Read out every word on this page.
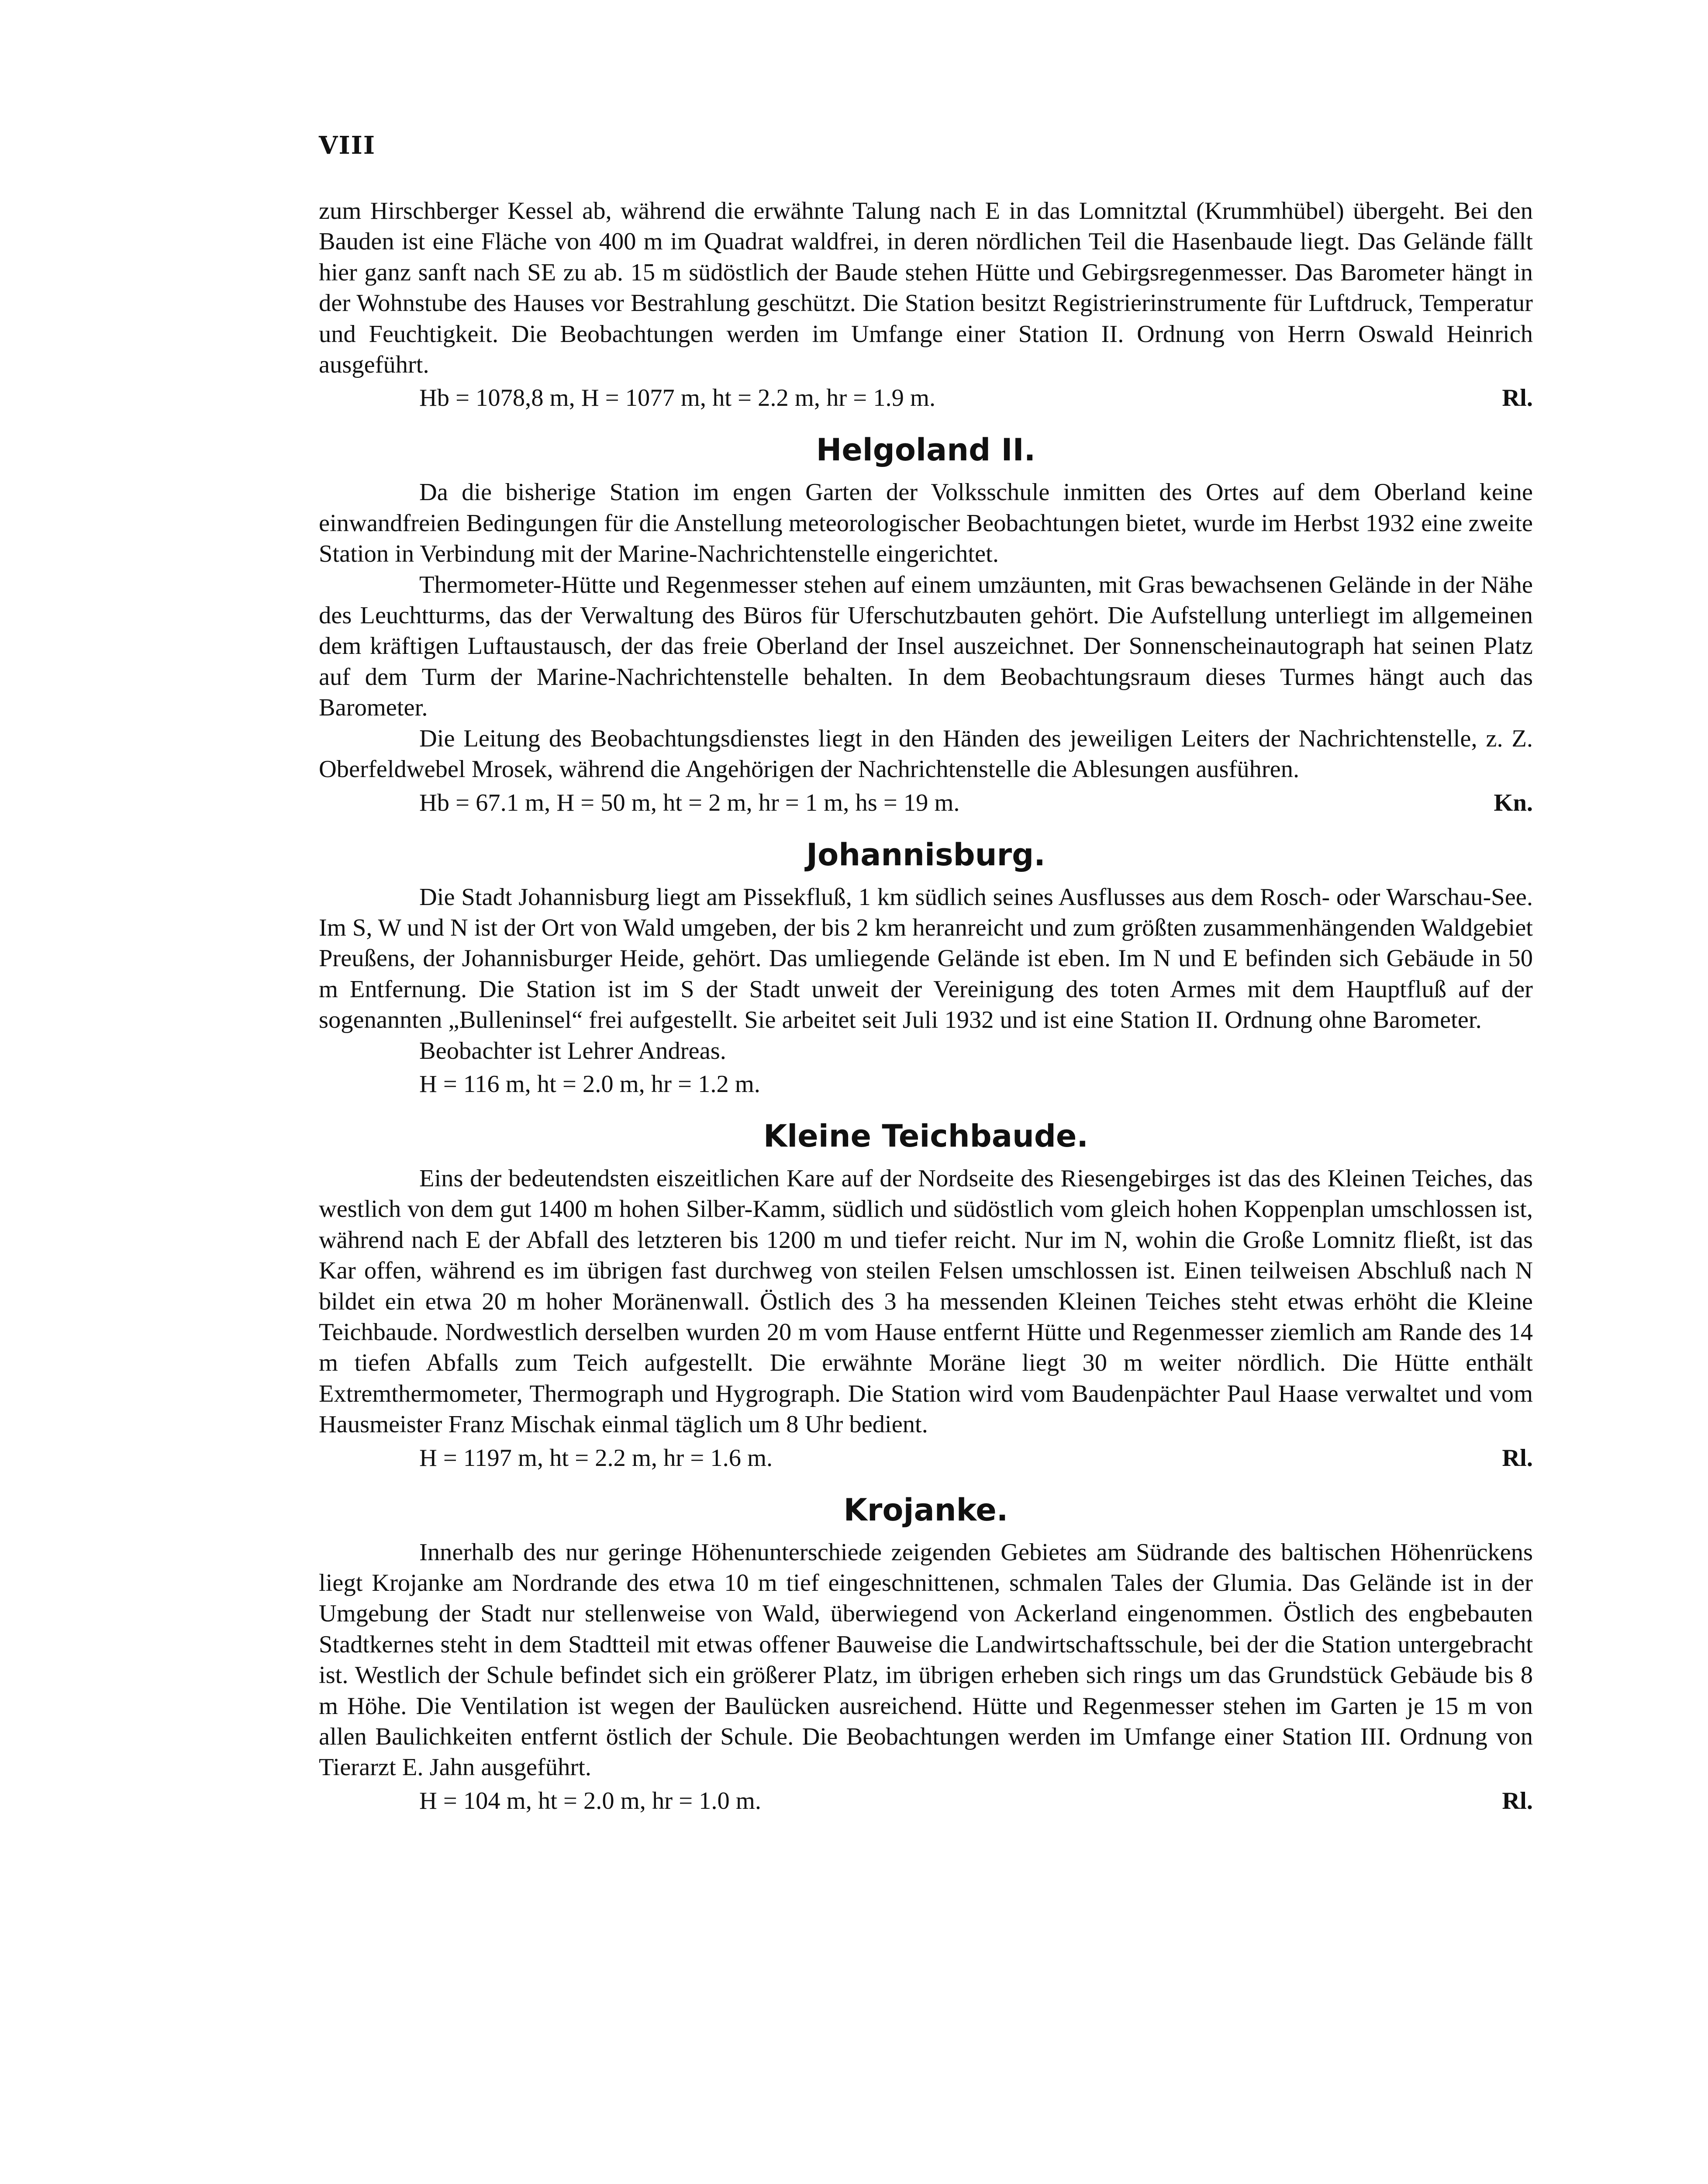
VIII

zum Hirschberger Kessel ab, während die erwähnte Talung nach E in das Lomnitztal (Krummhübel) übergeht. Bei den Bauden ist eine Fläche von 400 m im Quadrat waldfrei, in deren nördlichen Teil die Hasenbaude liegt. Das Gelände fällt hier ganz sanft nach SE zu ab. 15 m südöstlich der Baude stehen Hütte und Gebirgsregenmesser. Das Barometer hängt in der Wohnstube des Hauses vor Bestrahlung geschützt. Die Station besitzt Registrierinstrumente für Luftdruck, Temperatur und Feuchtigkeit. Die Beobachtungen werden im Umfange einer Station II. Ordnung von Herrn Oswald Heinrich ausgeführt.

Hb = 1078,8 m, H = 1077 m, ht = 2.2 m, hr = 1.9 m.	Rl.
Helgoland II.

Da die bisherige Station im engen Garten der Volksschule inmitten des Ortes auf dem Oberland keine einwandfreien Bedingungen für die Anstellung meteorologischer Beobachtungen bietet, wurde im Herbst 1932 eine zweite Station in Verbindung mit der Marine-Nachrichtenstelle eingerichtet.

Thermometer-Hütte und Regenmesser stehen auf einem umzäunten, mit Gras bewachsenen Gelände in der Nähe des Leuchtturms, das der Verwaltung des Büros für Uferschutzbauten gehört. Die Aufstellung unterliegt im allgemeinen dem kräftigen Luftaustausch, der das freie Oberland der Insel auszeichnet. Der Sonnenscheinautograph hat seinen Platz auf dem Turm der Marine-Nachrichtenstelle behalten. In dem Beobachtungsraum dieses Turmes hängt auch das Barometer.

Die Leitung des Beobachtungsdienstes liegt in den Händen des jeweiligen Leiters der Nachrichtenstelle, z. Z. Oberfeldwebel Mrosek, während die Angehörigen der Nachrichtenstelle die Ablesungen ausführen.

Hb = 67.1 m, H = 50 m, ht = 2 m, hr = 1 m, hs = 19 m.	Kn.
Johannisburg.

Die Stadt Johannisburg liegt am Pissekfluß, 1 km südlich seines Ausflusses aus dem Rosch- oder Warschau-See. Im S, W und N ist der Ort von Wald umgeben, der bis 2 km heranreicht und zum größten zusammenhängenden Waldgebiet Preußens, der Johannisburger Heide, gehört. Das umliegende Gelände ist eben. Im N und E befinden sich Gebäude in 50 m Entfernung. Die Station ist im S der Stadt unweit der Vereinigung des toten Armes mit dem Hauptfluß auf der sogenannten „Bulleninsel“ frei aufgestellt. Sie arbeitet seit Juli 1932 und ist eine Station II. Ordnung ohne Barometer.

Beobachter ist Lehrer Andreas.

H = 116 m, ht = 2.0 m, hr = 1.2 m.
Kleine Teichbaude.

Eins der bedeutendsten eiszeitlichen Kare auf der Nordseite des Riesengebirges ist das des Kleinen Teiches, das westlich von dem gut 1400 m hohen Silber-Kamm, südlich und südöstlich vom gleich hohen Koppenplan umschlossen ist, während nach E der Abfall des letzteren bis 1200 m und tiefer reicht. Nur im N, wohin die Große Lomnitz fließt, ist das Kar offen, während es im übrigen fast durchweg von steilen Felsen umschlossen ist. Einen teilweisen Abschluß nach N bildet ein etwa 20 m hoher Moränenwall. Östlich des 3 ha messenden Kleinen Teiches steht etwas erhöht die Kleine Teichbaude. Nordwestlich derselben wurden 20 m vom Hause entfernt Hütte und Regenmesser ziemlich am Rande des 14 m tiefen Abfalls zum Teich aufgestellt. Die erwähnte Moräne liegt 30 m weiter nördlich. Die Hütte enthält Extremthermometer, Thermograph und Hygrograph. Die Station wird vom Baudenpächter Paul Haase verwaltet und vom Hausmeister Franz Mischak einmal täglich um 8 Uhr bedient.

H = 1197 m, ht = 2.2 m, hr = 1.6 m.	Rl.
Krojanke.

Innerhalb des nur geringe Höhenunterschiede zeigenden Gebietes am Südrande des baltischen Höhenrückens liegt Krojanke am Nordrande des etwa 10 m tief eingeschnittenen, schmalen Tales der Glumia. Das Gelände ist in der Umgebung der Stadt nur stellenweise von Wald, überwiegend von Ackerland eingenommen. Östlich des engbebauten Stadtkernes steht in dem Stadtteil mit etwas offener Bauweise die Landwirtschaftsschule, bei der die Station untergebracht ist. Westlich der Schule befindet sich ein größerer Platz, im übrigen erheben sich rings um das Grundstück Gebäude bis 8 m Höhe. Die Ventilation ist wegen der Baulücken ausreichend. Hütte und Regenmesser stehen im Garten je 15 m von allen Baulichkeiten entfernt östlich der Schule. Die Beobachtungen werden im Umfange einer Station III. Ordnung von Tierarzt E. Jahn ausgeführt.

H = 104 m, ht = 2.0 m, hr = 1.0 m.	Rl.
